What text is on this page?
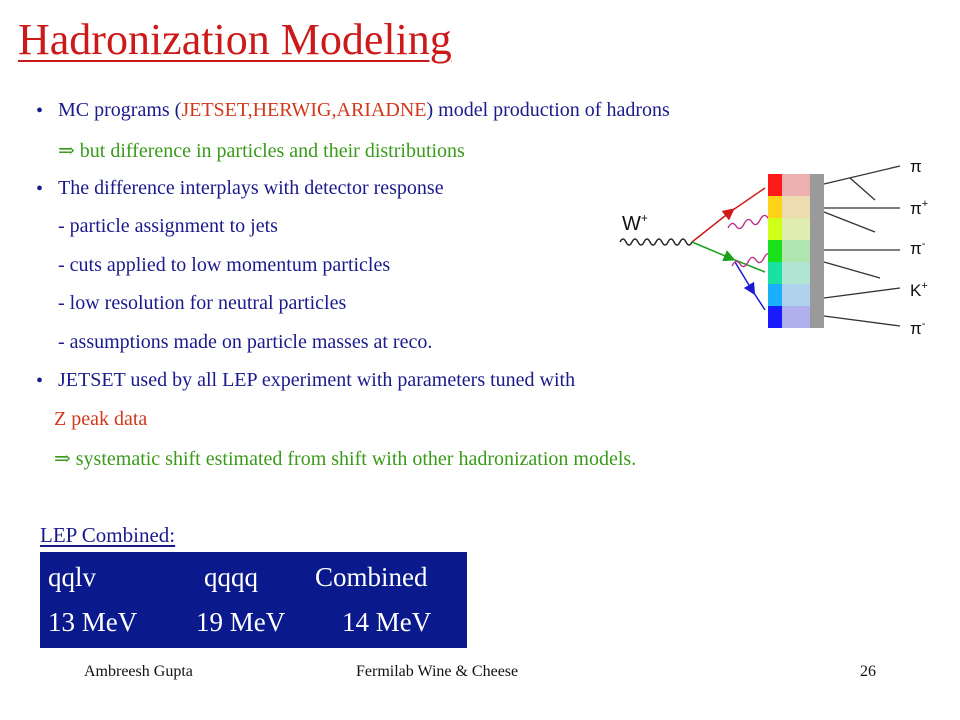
Hadronization Modeling
• MC programs (JETSET,HERWIG,ARIADNE) model production of hadrons
⇒ but difference in particles and their distributions
• The difference interplays with detector response
- particle assignment to jets
- cuts applied to low momentum particles
- low resolution for neutral particles
- assumptions made on particle masses at reco.
• JETSET used by all LEP experiment with parameters tuned with
Z peak data
⇒ systematic shift estimated from shift with other hadronization models.
W+
π
π+
π-
K+
π-
LEP Combined:
qqlv	qqqq Combined
13 MeV 19 MeV 14 MeV
Ambreesh Gupta	Fermilab Wine & Cheese	26
